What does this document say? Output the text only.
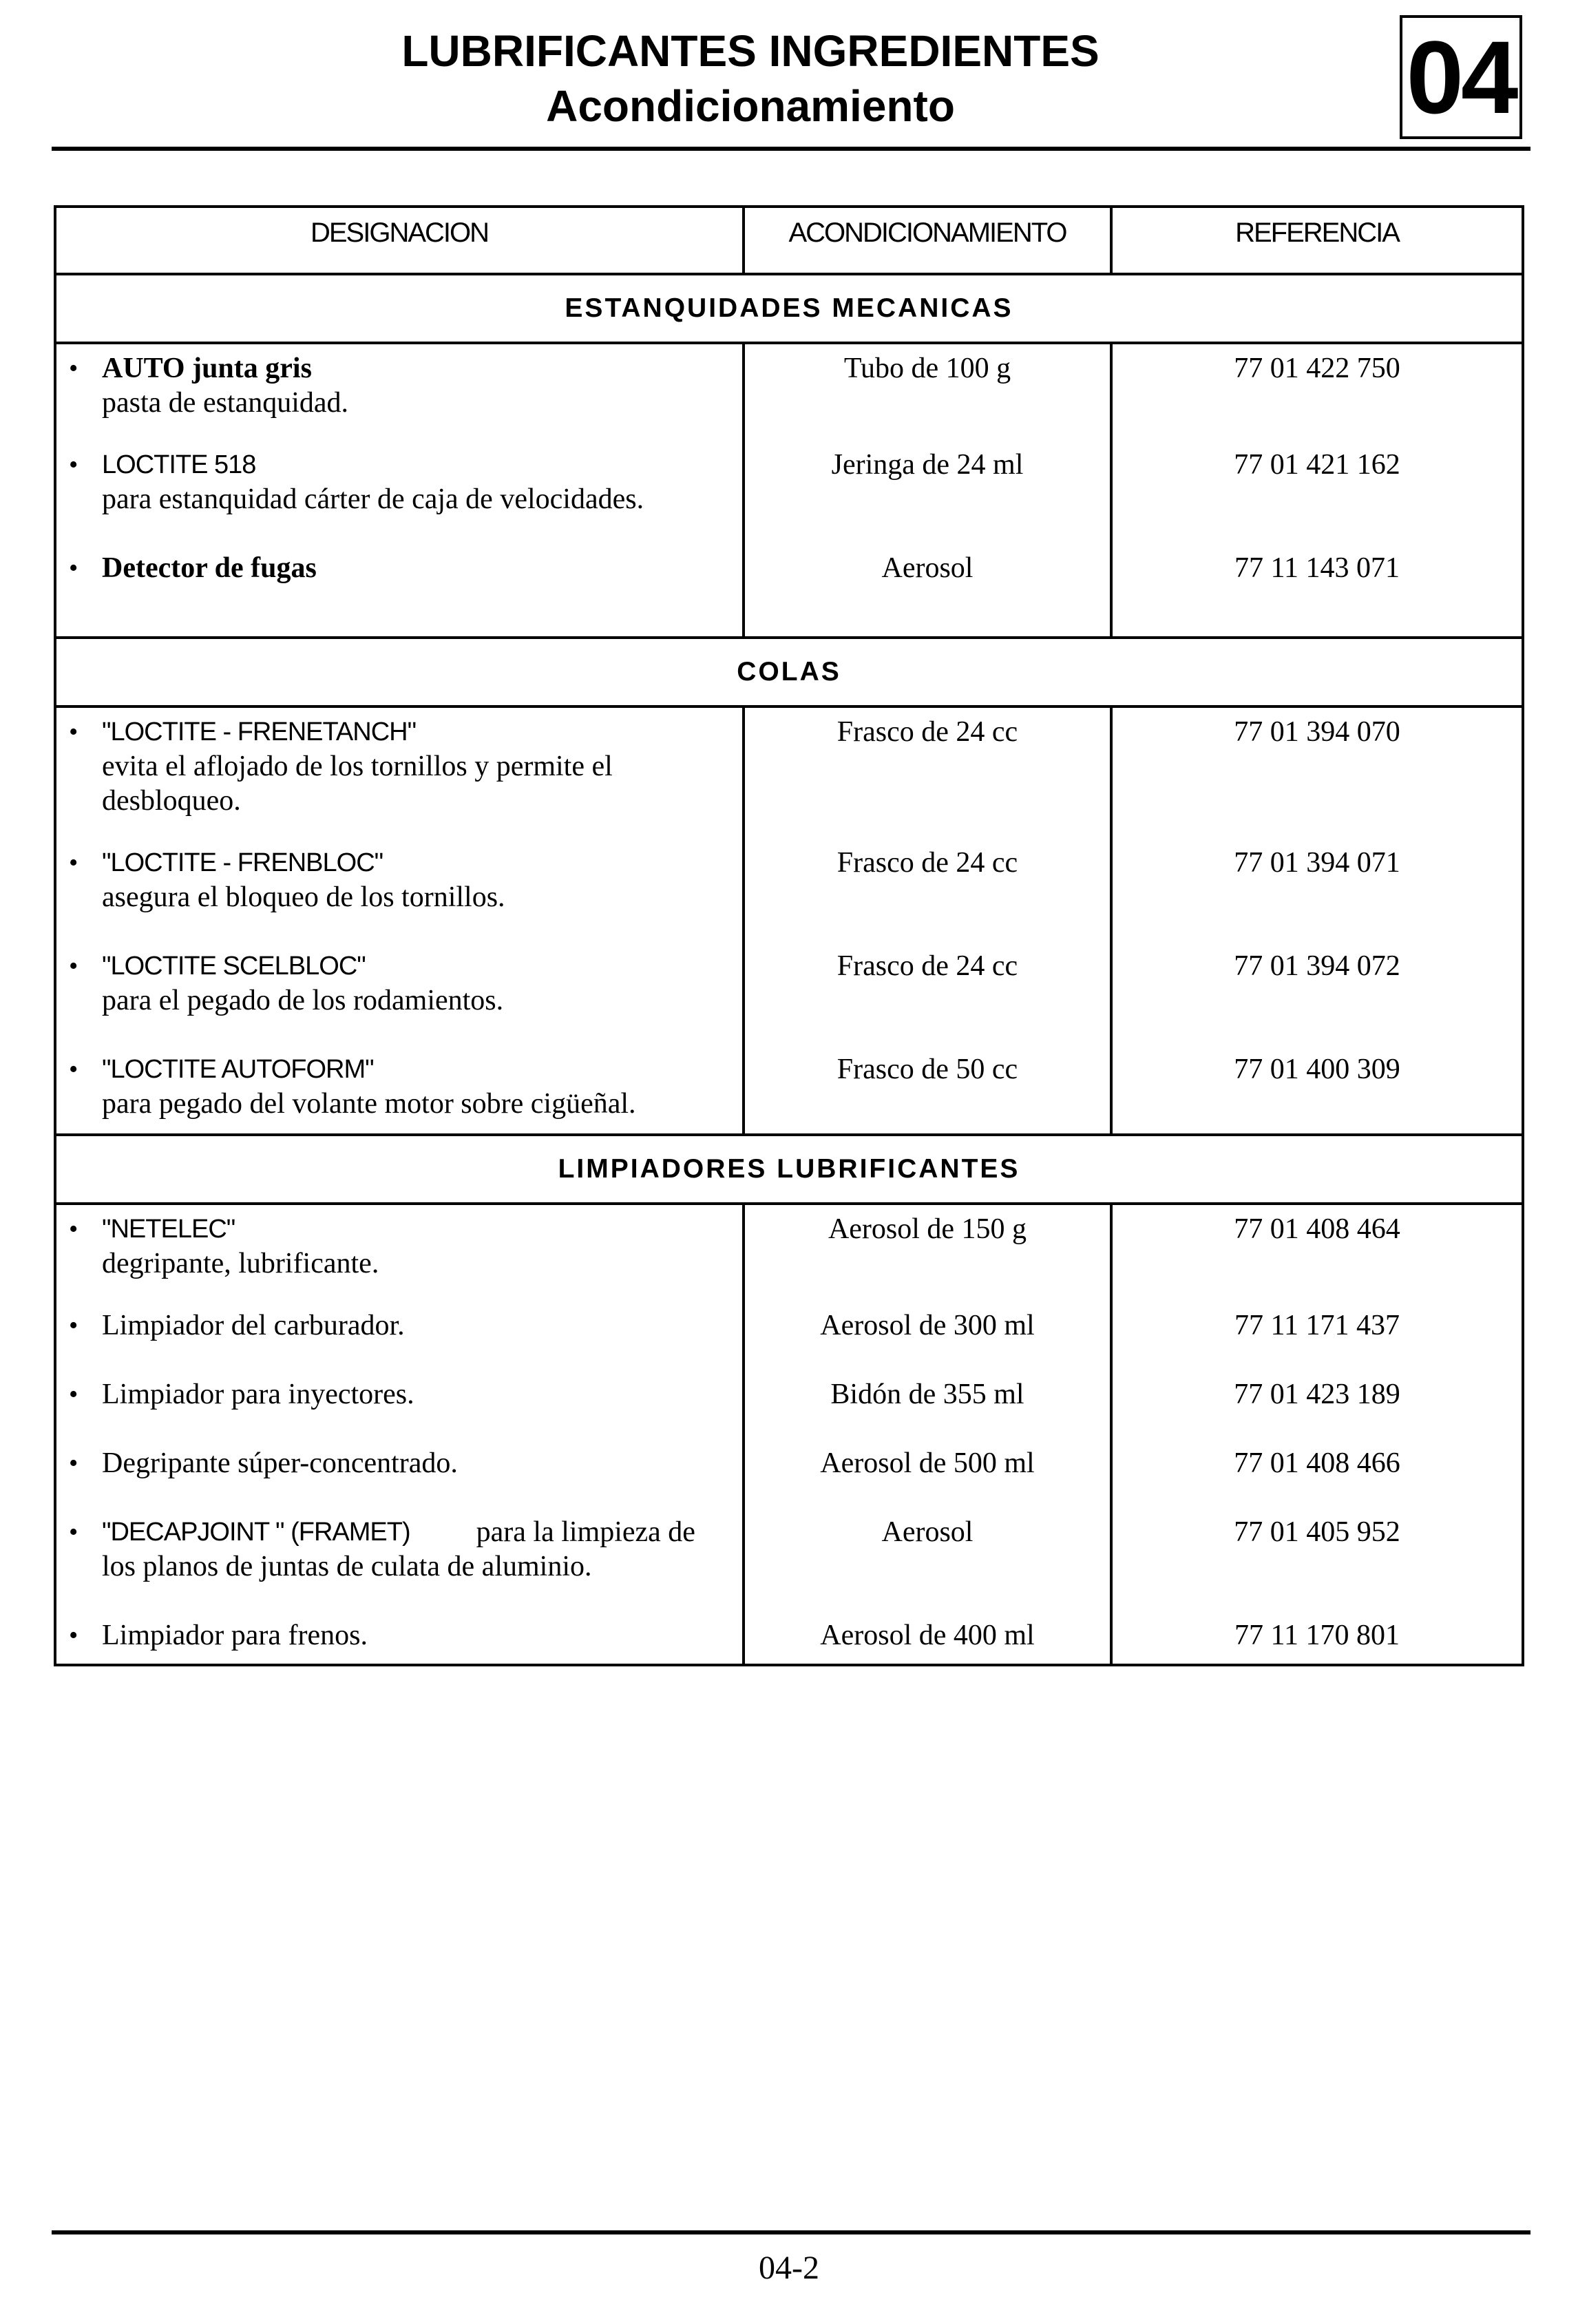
LUBRIFICANTES INGREDIENTES
Acondicionamiento	04
DESIGNACION	ACONDICIONAMIENTO	REFERENCIA
ESTANQUIDADES MECANICAS
• AUTO junta gris
pasta de estanquidad.
Tubo de 100 g	77 01 422 750
• LOCTITE 518
para estanquidad cárter de caja de velocidades.
Jeringa de 24 ml	77 01 421 162
• Detector de fugas	Aerosol	77 11 143 071
COLAS
• "LOCTITE - FRENETANCH"
evita el aflojado de los tornillos y permite el
desbloqueo.
Frasco de 24 cc	77 01 394 070
• "LOCTITE - FRENBLOC"
asegura el bloqueo de los tornillos.
Frasco de 24 cc	77 01 394 071
• "LOCTITE SCELBLOC"
para el pegado de los rodamientos.
Frasco de 24 cc	77 01 394 072
• "LOCTITE AUTOFORM"
para pegado del volante motor sobre cigüeñal.
Frasco de 50 cc	77 01 400 309
LIMPIADORES LUBRIFICANTES
• "NETELEC"
degripante, lubrificante.
Aerosol de 150 g	77 01 408 464
• Limpiador del carburador.	Aerosol de 300 ml	77 11 171 437
• Limpiador para inyectores.	Bidón de 355 ml	77 01 423 189
• Degripante súper-concentrado.	Aerosol de 500 ml	77 01 408 466
• "DECAPJOINT " (FRAMET) para la limpieza de
los planos de juntas de culata de aluminio.
Aerosol	77 01 405 952
• Limpiador para frenos.	Aerosol de 400 ml	77 11 170 801
04-2
